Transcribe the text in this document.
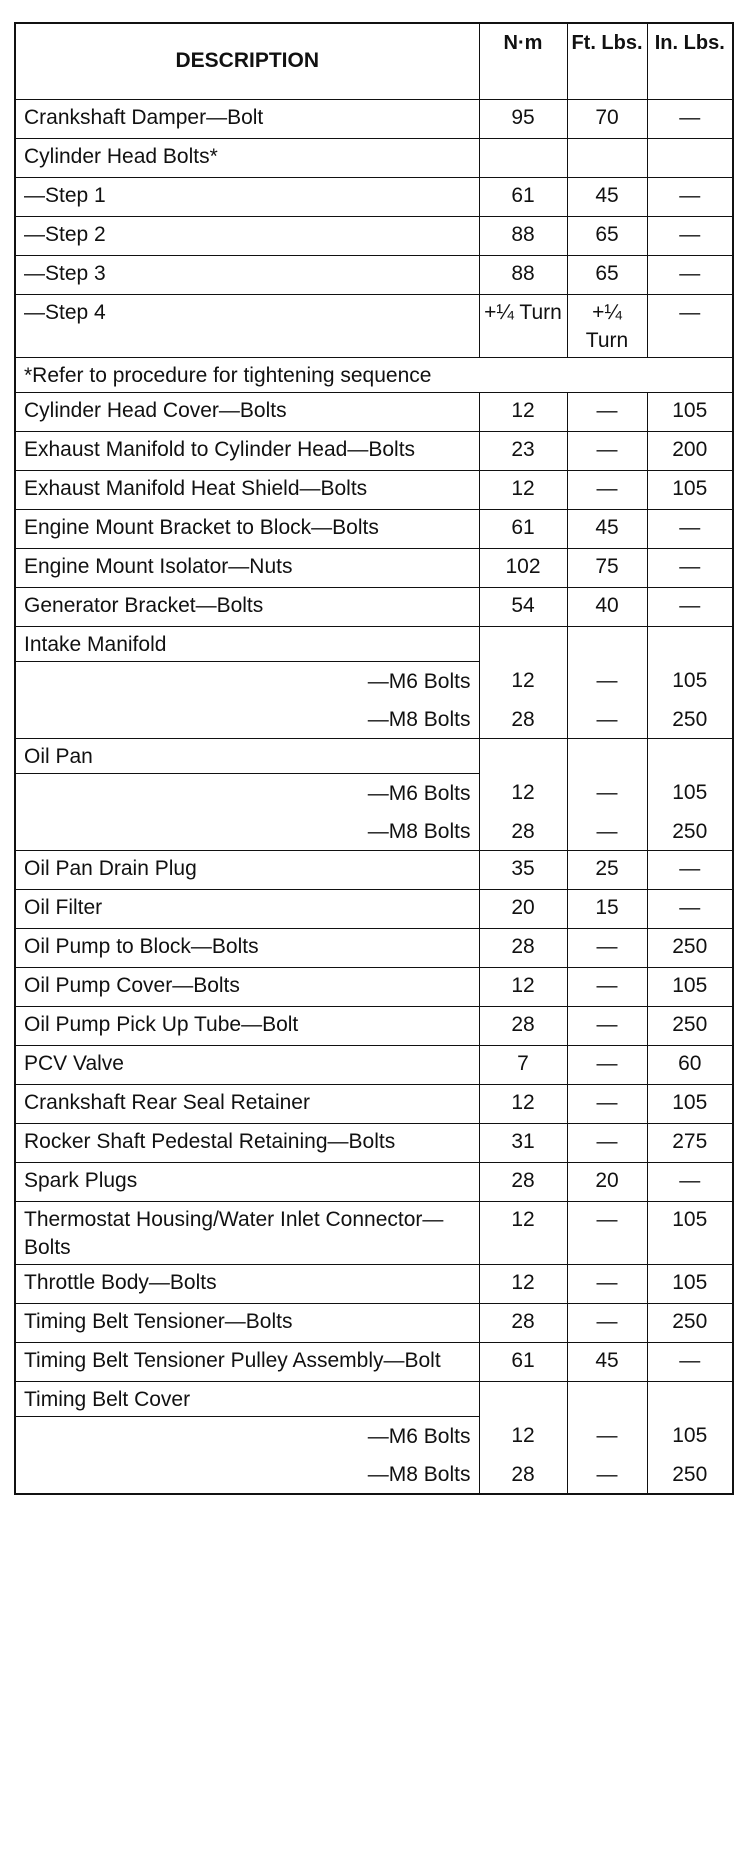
DESCRIPTION	N·m	Ft. Lbs.	In. Lbs.
Crankshaft Damper—Bolt	95	70	—
Cylinder Head Bolts*			
—Step 1	61	45	—
—Step 2	88	65	—
—Step 3	88	65	—
—Step 4	+¼ Turn	+¼ Turn	—
*Refer to procedure for tightening sequence			
Cylinder Head Cover—Bolts	12	—	105
Exhaust Manifold to Cylinder Head—Bolts	23	—	200
Exhaust Manifold Heat Shield—Bolts	12	—	105
Engine Mount Bracket to Block—Bolts	61	45	—
Engine Mount Isolator—Nuts	102	75	—
Generator Bracket—Bolts	54	40	—
Intake Manifold			
—M6 Bolts	12	—	105
—M8 Bolts	28	—	250
Oil Pan			
—M6 Bolts	12	—	105
—M8 Bolts	28	—	250
Oil Pan Drain Plug	35	25	—
Oil Filter	20	15	—
Oil Pump to Block—Bolts	28	—	250
Oil Pump Cover—Bolts	12	—	105
Oil Pump Pick Up Tube—Bolt	28	—	250
PCV Valve	7	—	60
Crankshaft Rear Seal Retainer	12	—	105
Rocker Shaft Pedestal Retaining—Bolts	31	—	275
Spark Plugs	28	20	—
Thermostat Housing/Water Inlet Connector—Bolts	12	—	105
Throttle Body—Bolts	12	—	105
Timing Belt Tensioner—Bolts	28	—	250
Timing Belt Tensioner Pulley Assembly—Bolt	61	45	—
Timing Belt Cover			
—M6 Bolts	12	—	105
—M8 Bolts	28	—	250
